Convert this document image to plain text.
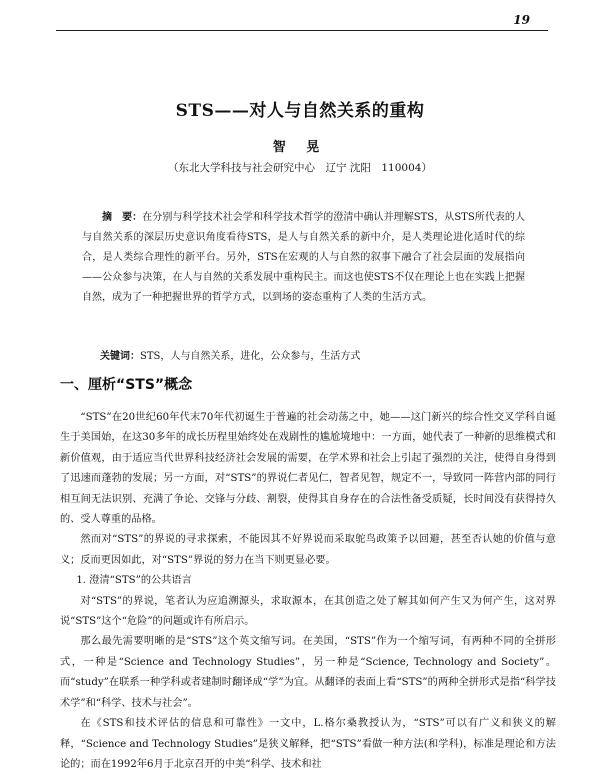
19
STS——对人与自然关系的重构
智 晃
（东北大学科技与社会研究中心　辽宁 沈阳　110004）
摘　要：在分别与科学技术社会学和科学技术哲学的澄清中确认并理解STS，从STS所代表的人与自然关系的深层历史意识角度看待STS，是人与自然关系的新中介，是人类理论进化适时代的综合，是人类综合理性的新平台。另外，STS在宏观的人与自然的叙事下融合了社会层面的发展指向——公众参与决策，在人与自然的关系发展中重构民主。而这也使STS不仅在理论上也在实践上把握自然，成为了一种把握世界的哲学方式，以到场的姿态重构了人类的生活方式。
关键词：STS，人与自然关系，进化，公众参与，生活方式
一、厘析“STS”概念

“STS”在20世纪60年代末70年代初诞生于普遍的社会动荡之中，她——这门新兴的综合性交叉学科自诞生于美国始，在这30多年的成长历程里始终处在戏剧性的尴尬境地中：一方面，她代表了一种新的思维模式和新价值观，由于适应当代世界科技经济社会发展的需要，在学术界和社会上引起了强烈的关注，使得自身得到了迅速而蓬勃的发展；另一方面，对“STS”的界说仁者见仁，智者见智，规定不一，导致同一阵营内部的同行相互间无法识别、充满了争论、交锋与分歧、割裂，使得其自身存在的合法性备受质疑，长时间没有获得持久的、受人尊重的品格。

然而对“STS”的界说的寻求探索，不能因其不好界说而采取鸵鸟政策予以回避，甚至否认她的价值与意义；反而更因如此，对“STS”界说的努力在当下则更显必要。

1. 澄清“STS”的公共语言

对“STS”的界说，笔者认为应追溯源头，求取源本，在其创造之处了解其如何产生又为何产生，这对界说“STS”这个“危险”的问题或许有所启示。

那么最先需要明晰的是“STS”这个英文缩写词。在美国，“STS”作为一个缩写词，有两种不同的全拼形式，一种是“Science and Technology Studies”，另一种是“Science, Technology and Society”。而“study”在联系一种学科或者建制时翻译成“学”为宜。从翻译的表面上看“STS”的两种全拼形式是指“科学技术学”和“科学、技术与社会”。

在《STS和技术评估的信息和可靠性》一文中，L.格尔桑教授认为，“STS”可以有广义和狭义的解释，“Science and Technology Studies”是狭义解释，把“STS”看做一种方法(和学科)，标准是理论和方法论的；而在1992年6月于北京召开的中美“科学、技术和社
